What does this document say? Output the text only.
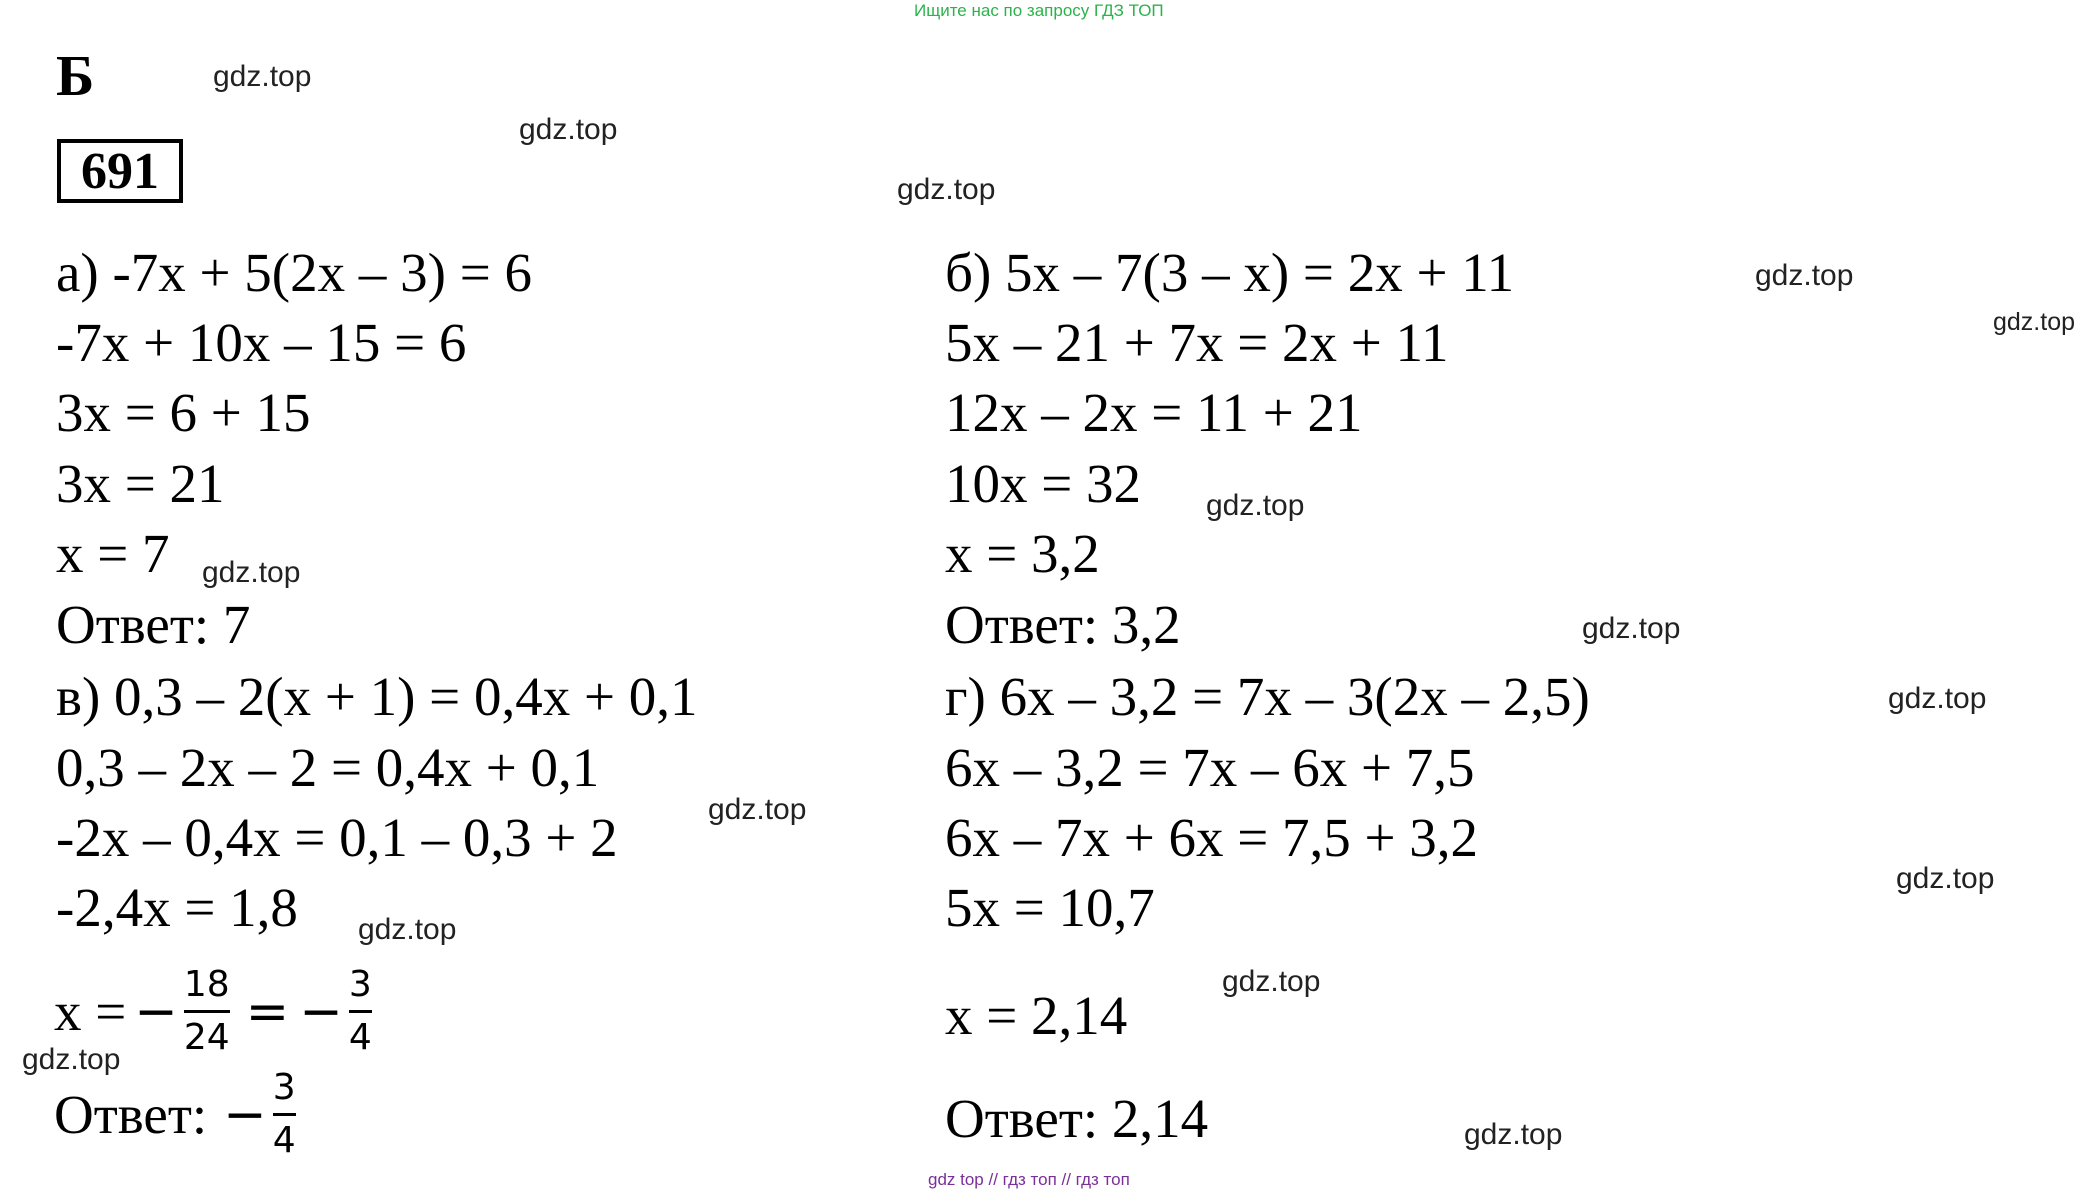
Ищите нас по запросу ГДЗ ТОП
Б
691
а) -7x + 5(2x – 3) = 6
-7x + 10x – 15 = 6
3x = 6 + 15
3x = 21
x = 7
Ответ: 7
б) 5x – 7(3 – x) = 2x + 11
5x – 21 + 7x = 2x + 11
12x – 2x = 11 + 21
10x = 32
x = 3,2
Ответ: 3,2
в) 0,3 – 2(x + 1) = 0,4x + 0,1
0,3 – 2x – 2 = 0,4x + 0,1
-2x – 0,4x = 0,1 – 0,3 + 2
-2,4x = 1,8
x = − $\frac{18}{24}$ = − $\frac{3}{4}$
Ответ: − $\frac{3}{4}$
г) 6x – 3,2 = 7x – 3(2x – 2,5)
6x – 3,2 = 7x – 6x + 7,5
6x – 7x + 6x = 7,5 + 3,2
5x = 10,7
x = 2,14
Ответ: 2,14
gdz.top
gdz.top
gdz.top
gdz.top
gdz.top
gdz.top
gdz.top
gdz.top
gdz.top
gdz.top
gdz.top
gdz.top
gdz.top
gdz.top
gdz.top
gdz top // гдз топ // гдз топ
